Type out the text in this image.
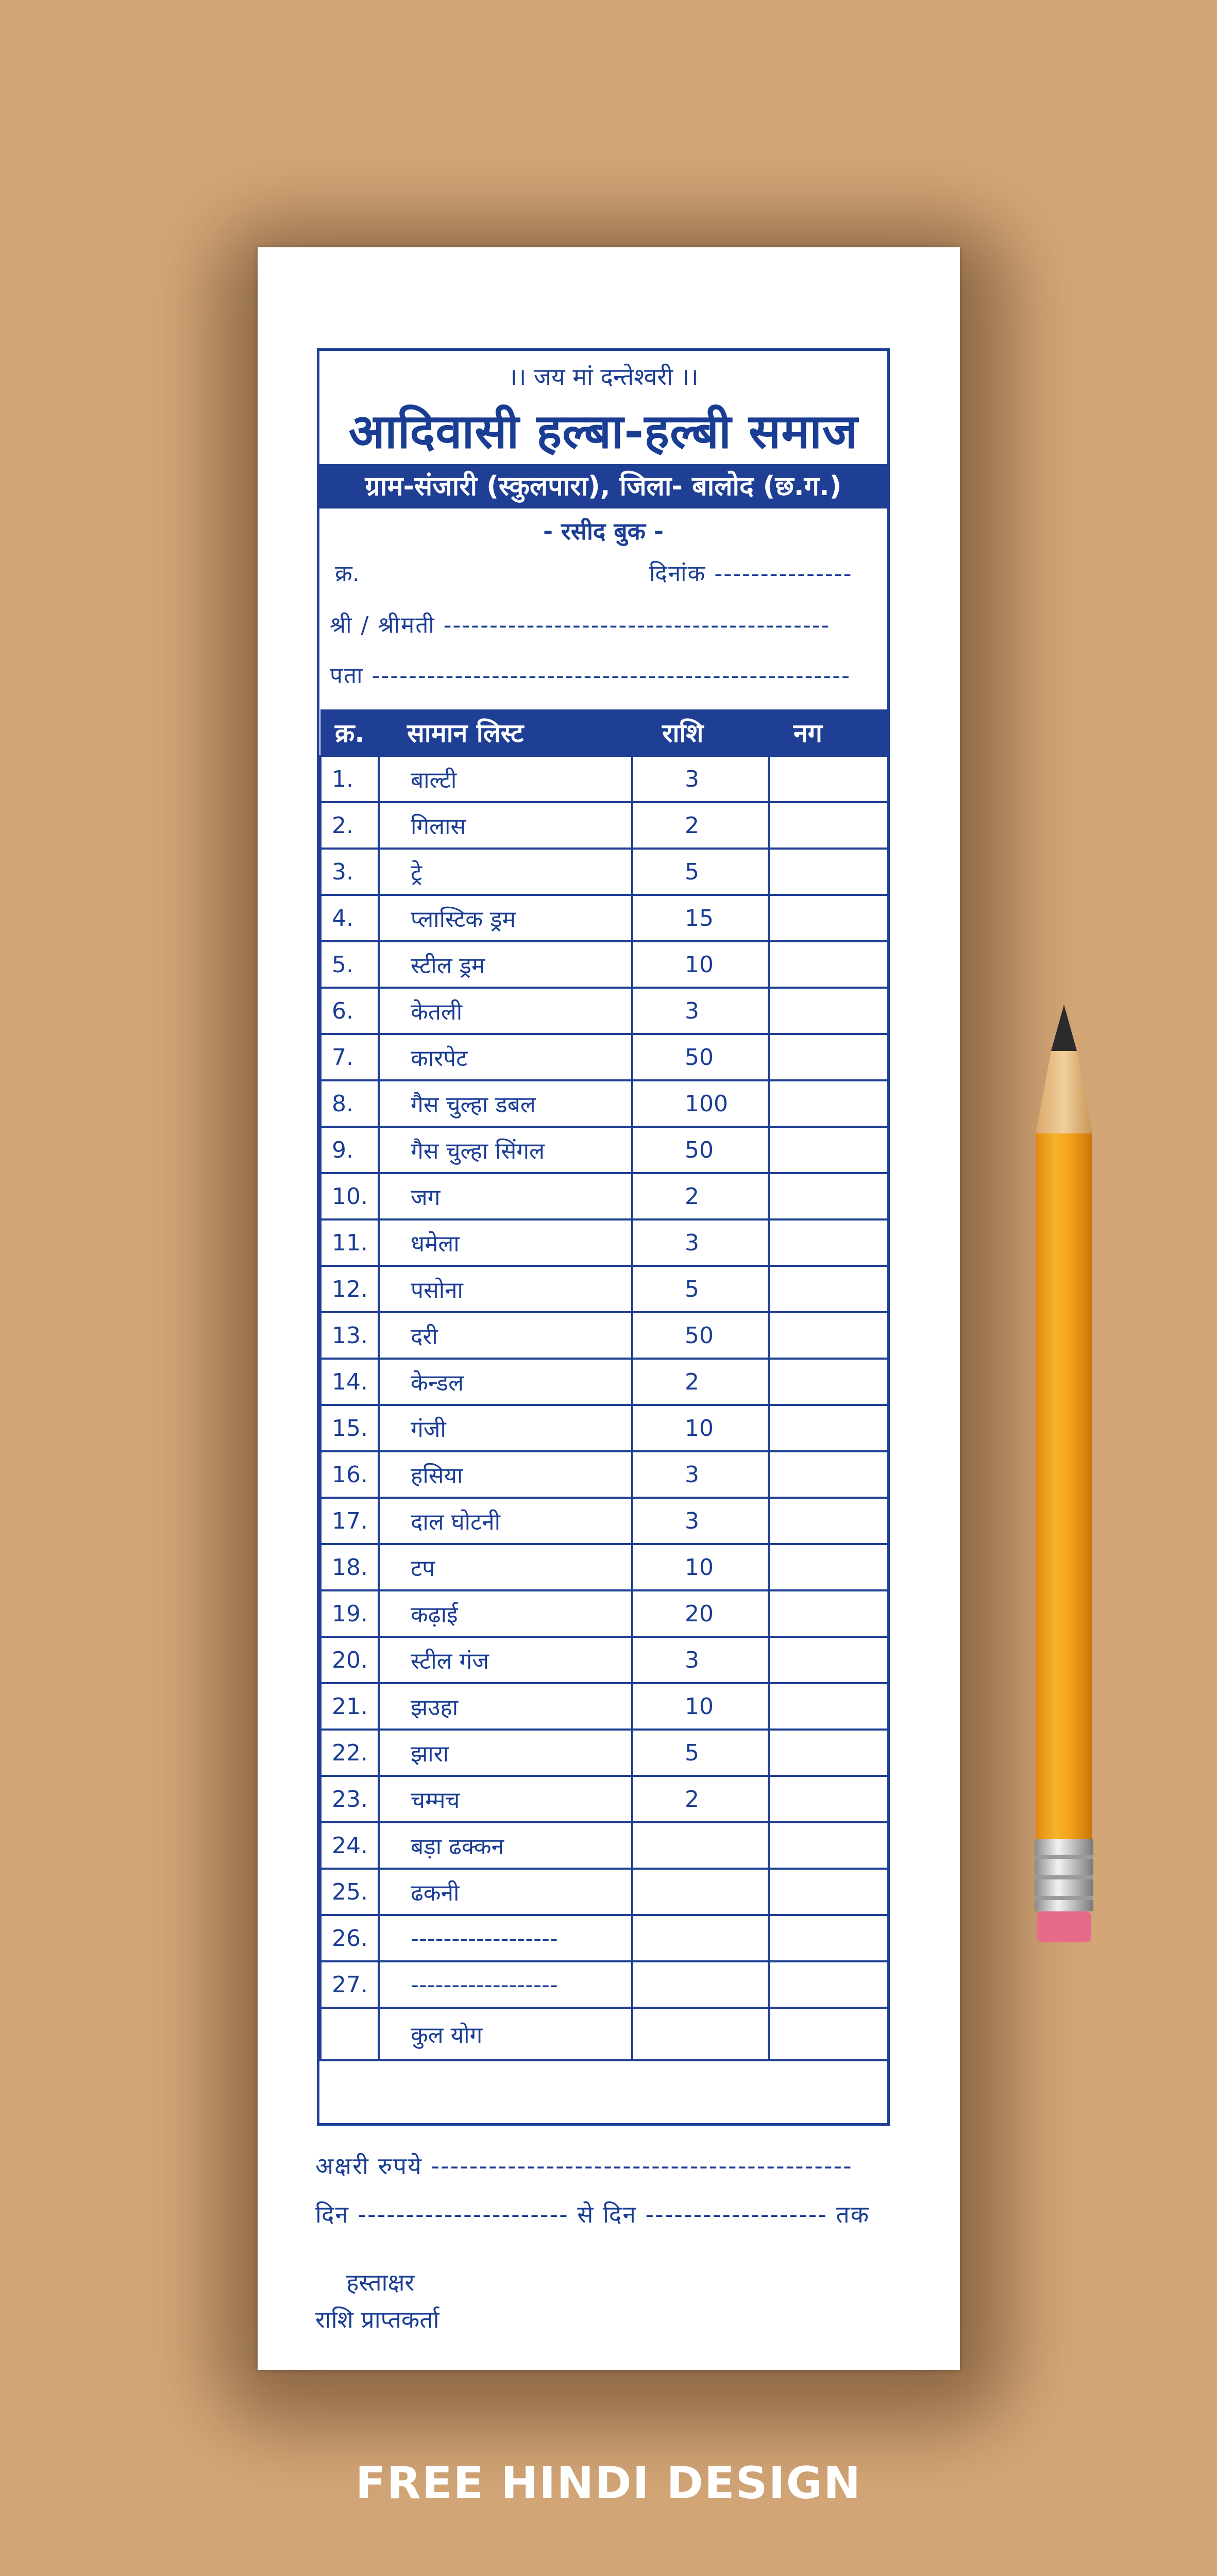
।। जय मां दन्तेश्वरी ।।
आदिवासी हल्बा-हल्बी समाज
ग्राम-संजारी (स्कुलपारा), जिला- बालोद (छ.ग.)
- रसीद बुक -
क्र.	दिनांक ---------------
श्री / श्रीमती ------------------------------------------
पता ----------------------------------------------------
क्र.	सामान लिस्ट	राशि	नग
1.	बाल्टी	3	
2.	गिलास	2	
3.	ट्रे	5	
4.	प्लास्टिक ड्रम	15	
5.	स्टील ड्रम	10	
6.	केतली	3	
7.	कारपेट	50	
8.	गैस चुल्हा डबल	100	
9.	गैस चुल्हा सिंगल	50	
10.	जग	2	
11.	धमेला	3	
12.	पसोना	5	
13.	दरी	50	
14.	केन्डल	2	
15.	गंजी	10	
16.	हसिया	3	
17.	दाल घोटनी	3	
18.	टप	10	
19.	कढ़ाई	20	
20.	स्टील गंज	3	
21.	झउहा	10	
22.	झारा	5	
23.	चम्मच	2	
24.	बड़ा ढक्कन		
25.	ढकनी		
26.	------------------		
27.	------------------		
	कुल योग		
अक्षरी रुपये --------------------------------------------
दिन ---------------------- से दिन ------------------- तक
हस्ताक्षर
राशि प्राप्तकर्ता
FREE HINDI DESIGN
